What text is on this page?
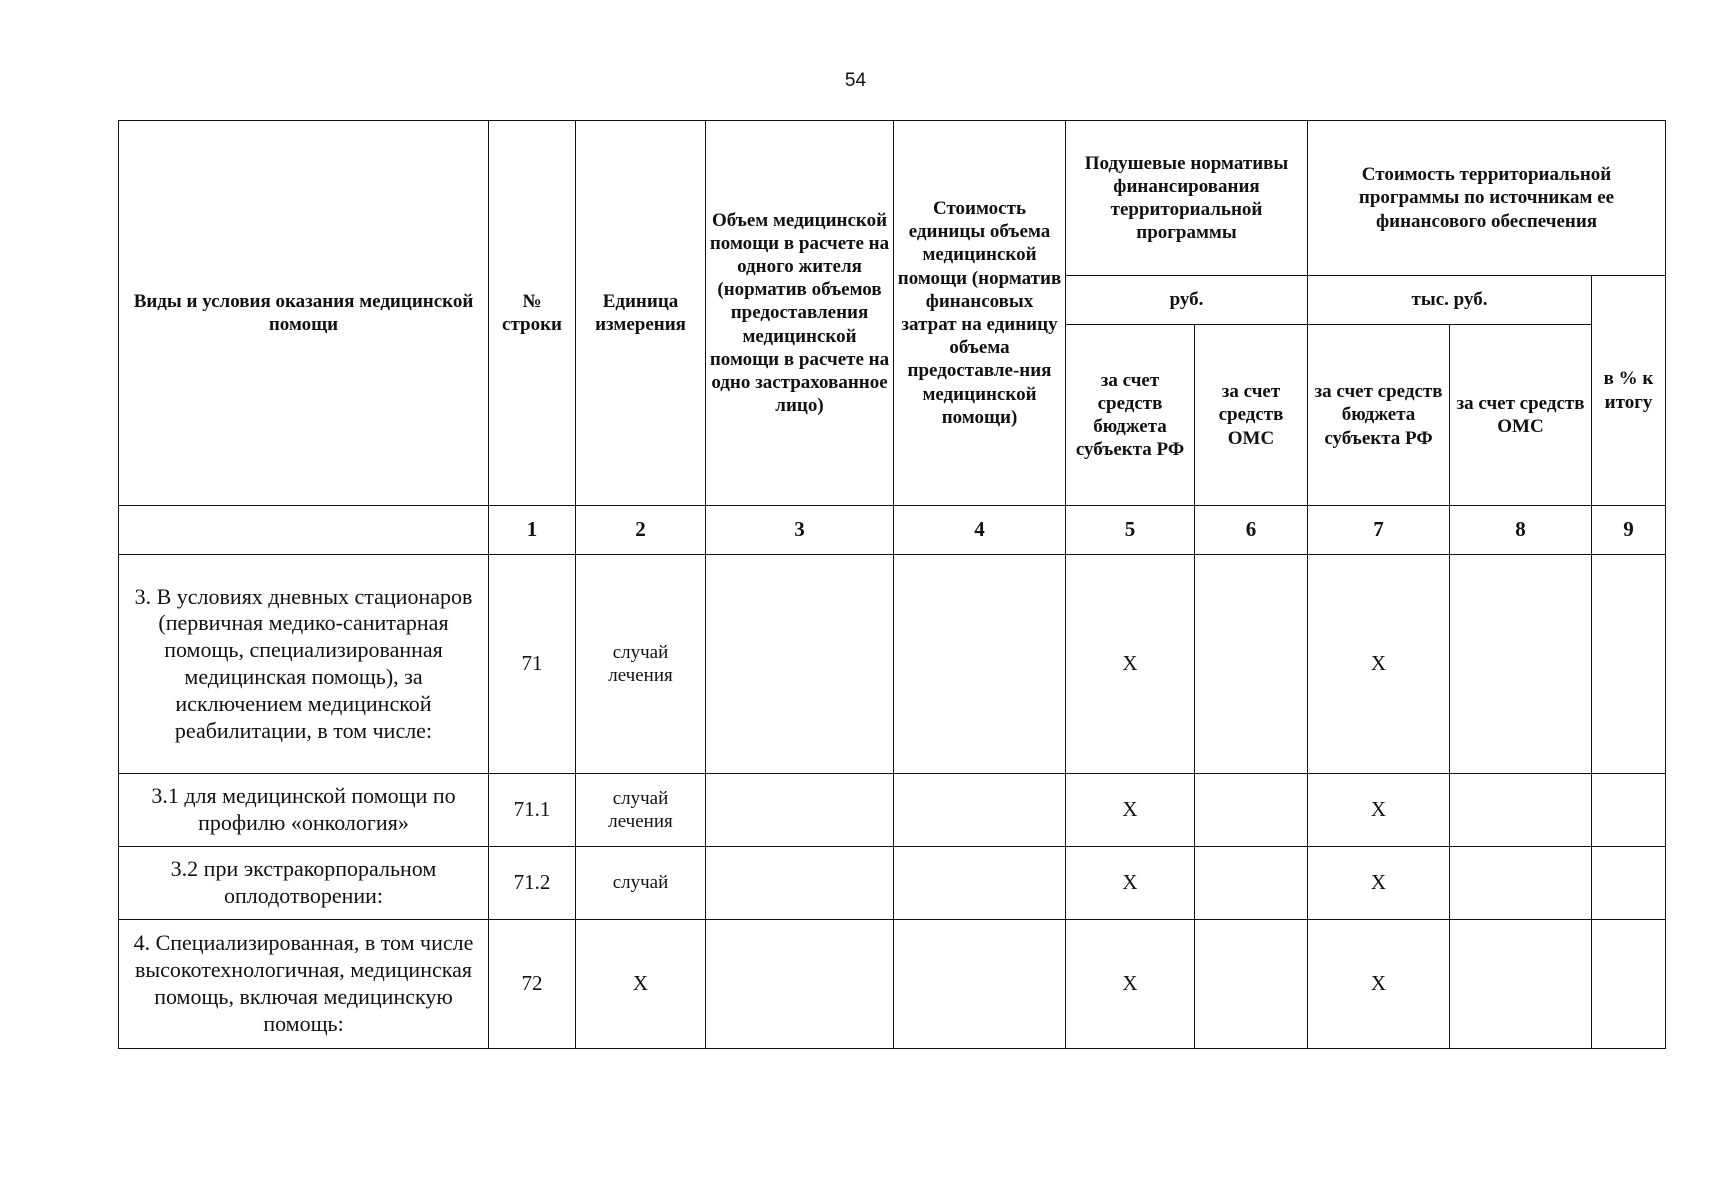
54
Виды и условия оказания медицинской помощи	№ строки	Единица измерения	Объем медицинской помощи в расчете на одного жителя (норматив объемов предоставления медицинской помощи в расчете на одно застрахованное лицо)	Стоимость единицы объема медицинской помощи (норматив финансовых затрат на единицу объема предоставле-ния медицинской помощи)	Подушевые нормативы финансирования территориальной программы		Стоимость территориальной программы по источникам ее финансового обеспечения		
					руб.		тыс. руб.		в % к итогу
					за счет средств бюджета субъекта РФ	за счет средств ОМС	за счет средств бюджета субъекта РФ	за счет средств ОМС	
	1	2	3	4	5	6	7	8	9
3. В условиях дневных стационаров (первичная медико-санитарная помощь, специализированная медицинская помощь), за исключением медицинской реабилитации, в том числе:	71	случай лечения			X		X		
3.1 для медицинской помощи по профилю «онкология»	71.1	случай лечения			X		X		
3.2 при экстракорпоральном оплодотворении:	71.2	случай			X		X		
4. Специализированная, в том числе высокотехнологичная, медицинская помощь, включая медицинскую помощь:	72	X			X		X		
